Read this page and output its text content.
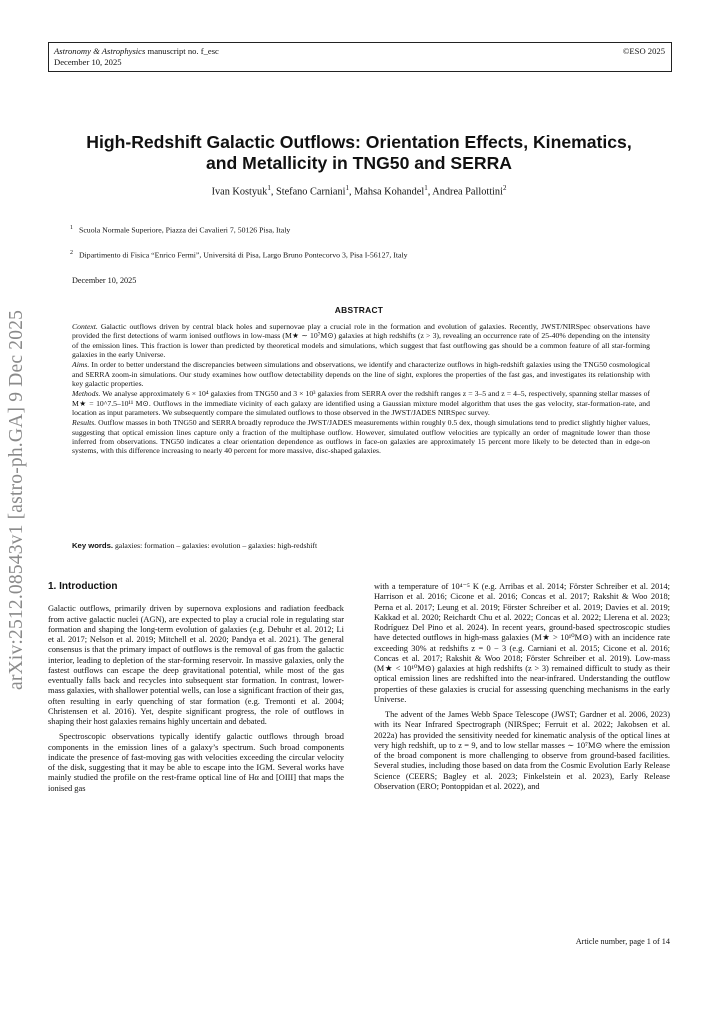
Astronomy & Astrophysics manuscript no. f_esc
December 10, 2025
©ESO 2025
arXiv:2512.08543v1 [astro-ph.GA] 9 Dec 2025
High-Redshift Galactic Outflows: Orientation Effects, Kinematics,
and Metallicity in TNG50 and SERRA
Ivan Kostyuk$^1$, Stefano Carniani$^1$, Mahsa Kohandel$^1$, Andrea Pallottini$^2$
$^1$ Scuola Normale Superiore, Piazza dei Cavalieri 7, 50126 Pisa, Italy
$^2$ Dipartimento di Fisica “Enrico Fermi”, Universitá di Pisa, Largo Bruno Pontecorvo 3, Pisa I-56127, Italy
December 10, 2025
ABSTRACT

Context. Galactic outflows driven by central black holes and supernovae play a crucial role in the formation and evolution of galaxies. Recently, JWST/NIRSpec observations have provided the first detections of warm ionised outflows in low-mass (M★ ∼ 10⁷M⊙) galaxies at high redshifts (z > 3), revealing an occurrence rate of 25-40% depending on the intensity of the emission lines. This fraction is lower than predicted by theoretical models and simulations, which suggest that fast outflowing gas should be a common feature of all star-forming galaxies in the early Universe.

Aims. In order to better understand the discrepancies between simulations and observations, we identify and characterize outflows in high-redshift galaxies using the TNG50 cosmological and SERRA zoom-in simulations. Our study examines how outflow detectability depends on the line of sight, explores the properties of the fast gas, and investigates its relationship with key galactic properties.

Methods. We analyse approximately 6 × 10⁴ galaxies from TNG50 and 3 × 10³ galaxies from SERRA over the redshift ranges z = 3–5 and z = 4–5, respectively, spanning stellar masses of M★ = 10^7.5–10¹¹ M⊙. Outflows in the immediate vicinity of each galaxy are identified using a Gaussian mixture model algorithm that uses the gas velocity, star-formation-rate, and location as input parameters. We subsequently compare the simulated outflows to those observed in the JWST/JADES NIRSpec survey.

Results. Outflow masses in both TNG50 and SERRA broadly reproduce the JWST/JADES measurements within roughly 0.5 dex, though simulations tend to predict slightly higher values, suggesting that optical emission lines capture only a fraction of the multiphase outflow. However, simulated outflow velocities are typically an order of magnitude lower than those inferred from observations. TNG50 indicates a clear orientation dependence as outflows in face-on galaxies are approximately 15 percent more likely to be detected than in edge-on systems, with this difference increasing to nearly 40 percent for more massive, disc-shaped galaxies.

Key words. galaxies: formation – galaxies: evolution – galaxies: high-redshift
1. Introduction

Galactic outflows, primarily driven by supernova explosions and radiation feedback from active galactic nuclei (AGN), are expected to play a crucial role in regulating star formation and shaping the long-term evolution of galaxies (e.g. Debuhr et al. 2012; Li et al. 2017; Nelson et al. 2019; Mitchell et al. 2020; Pandya et al. 2021). The general consensus is that the primary impact of outflows is the removal of gas from the galactic interior, leading to depletion of the star-forming reservoir. In massive galaxies, only the fastest outflows can escape the deep gravitational potential, while most of the gas eventually falls back and recycles into subsequent star formation. In contrast, lower-mass galaxies, with shallower potential wells, can lose a significant fraction of their gas, often resulting in early quenching of star formation (e.g. Tremonti et al. 2004; Christensen et al. 2016). Yet, despite significant progress, the role of outflows in shaping their host galaxies remains highly uncertain and debated.

Spectroscopic observations typically identify galactic outflows through broad components in the emission lines of a galaxy’s spectrum. Such broad components indicate the presence of fast-moving gas with velocities exceeding the circular velocity of the disk, suggesting that it may be able to escape into the IGM. Several works have mainly studied the profile on the rest-frame optical line of Hα and [OIII] that maps the ionised gas

with a temperature of 10⁴⁻⁵ K (e.g. Arribas et al. 2014; Förster Schreiber et al. 2014; Harrison et al. 2016; Cicone et al. 2016; Concas et al. 2017; Rakshit & Woo 2018; Perna et al. 2017; Leung et al. 2019; Förster Schreiber et al. 2019; Davies et al. 2019; Kakkad et al. 2020; Reichardt Chu et al. 2022; Concas et al. 2022; Llerena et al. 2023; Rodríguez Del Pino et al. 2024). In recent years, ground-based spectroscopic studies have detected outflows in high-mass galaxies (M★ > 10¹⁰M⊙) with an incidence rate exceeding 30% at redshifts z = 0 − 3 (e.g. Carniani et al. 2015; Cicone et al. 2016; Concas et al. 2017; Rakshit & Woo 2018; Förster Schreiber et al. 2019). Low-mass (M★ < 10¹⁰M⊙) galaxies at high redshifts (z > 3) remained difficult to study as their optical emission lines are redshifted into the near-infrared. Understanding the outflow properties of these galaxies is crucial for assessing quenching mechanisms in the early Universe.

The advent of the James Webb Space Telescope (JWST; Gardner et al. 2006, 2023) with its Near Infrared Spectrograph (NIRSpec; Ferruit et al. 2022; Jakobsen et al. 2022a) has provided the sensitivity needed for kinematic analysis of the optical lines at very high redshift, up to z = 9, and to low stellar masses ∼ 10⁷M⊙ where the emission of the broad component is more challenging to observe from ground-based facilities. Several studies, including those based on data from the Cosmic Evolution Early Release Science (CEERS; Bagley et al. 2023; Finkelstein et al. 2023), Early Release Observation (ERO; Pontoppidan et al. 2022), and

Article number, page 1 of 14
